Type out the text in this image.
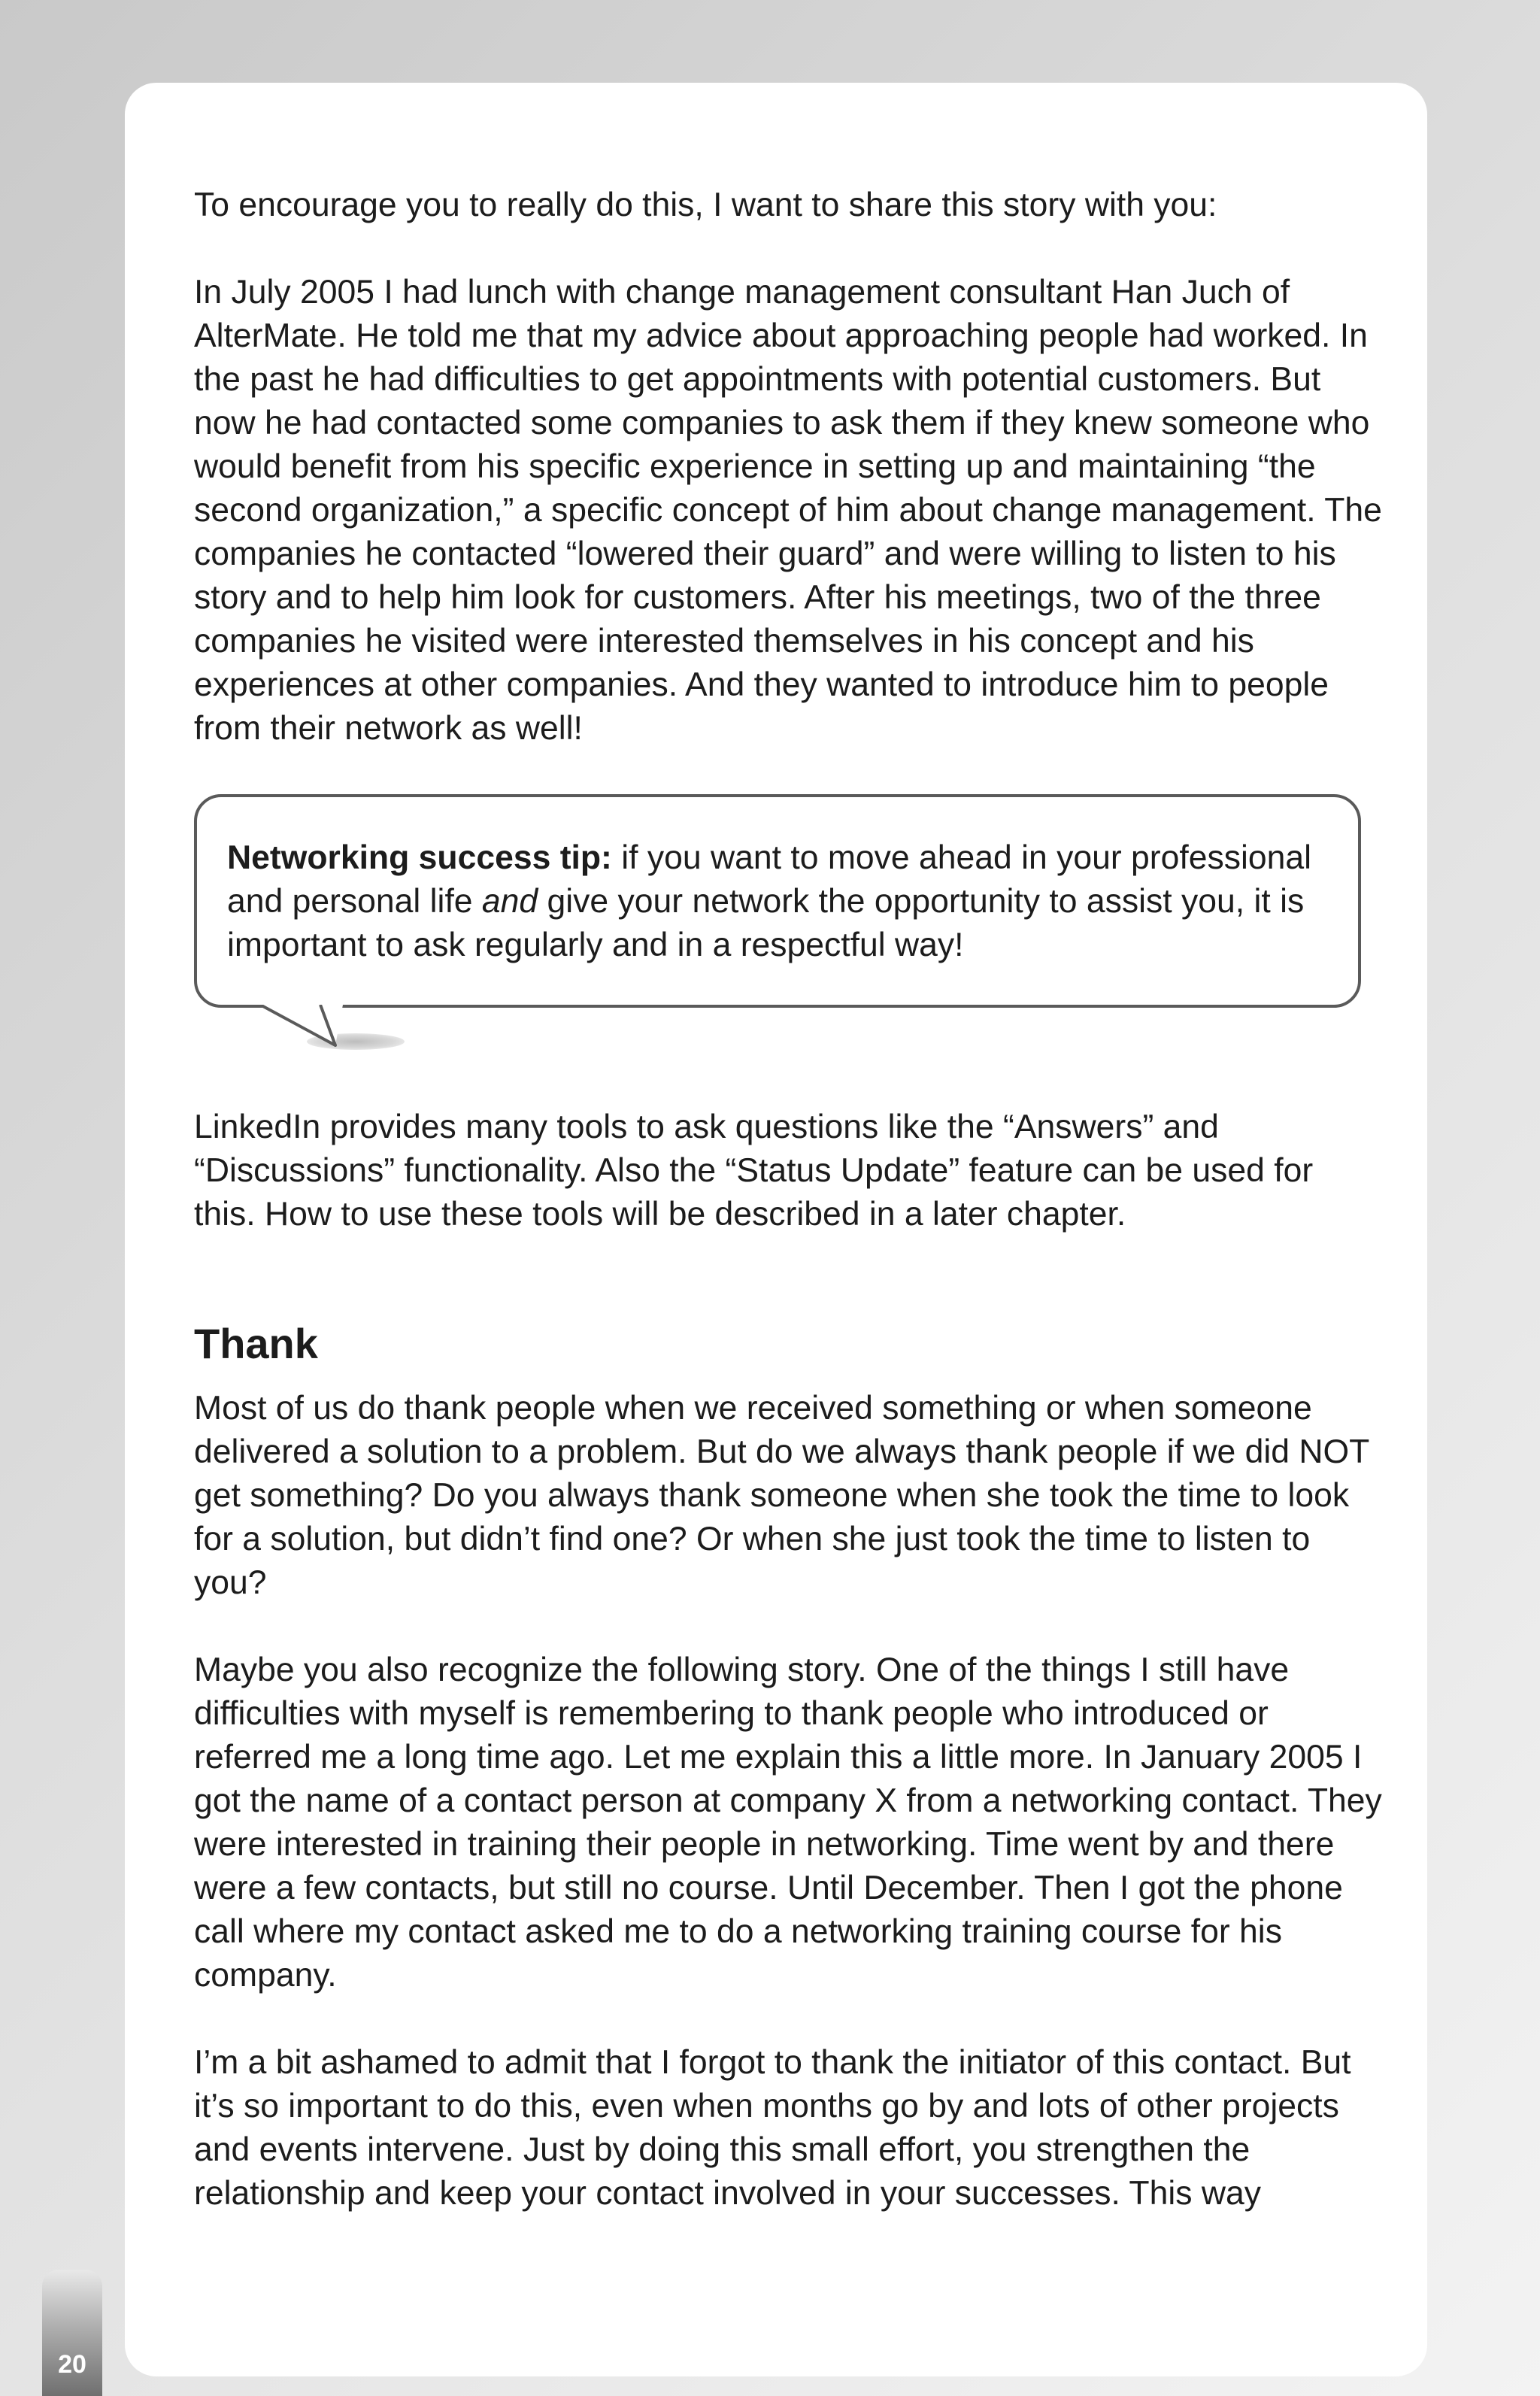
To encourage you to really do this, I want to share this story with you:

In July 2005 I had lunch with change management consultant Han Juch of AlterMate. He told me that my advice about approaching people had worked. In the past he had difficulties to get appointments with potential customers. But now he had contacted some companies to ask them if they knew someone who would benefit from his specific experience in setting up and maintaining “the second organization,” a specific concept of him about change management. The companies he contacted “lowered their guard” and were willing to listen to his story and to help him look for customers. After his meetings, two of the three companies he visited were interested themselves in his concept and his experiences at other companies. And they wanted to introduce him to people from their network as well!

Networking success tip: if you want to move ahead in your professional and personal life and give your network the opportunity to assist you, it is important to ask regularly and in a respectful way!

LinkedIn provides many tools to ask questions like the “Answers” and “Discussions” functionality. Also the “Status Update” feature can be used for this. How to use these tools will be described in a later chapter.

Thank

Most of us do thank people when we received something or when someone delivered a solution to a problem. But do we always thank people if we did NOT get something? Do you always thank someone when she took the time to look for a solution, but didn’t find one? Or when she just took the time to listen to you?

Maybe you also recognize the following story. One of the things I still have difficulties with myself is remembering to thank people who introduced or referred me a long time ago. Let me explain this a little more. In January 2005 I got the name of a contact person at company X from a networking contact. They were interested in training their people in networking. Time went by and there were a few contacts, but still no course. Until December. Then I got the phone call where my contact asked me to do a networking training course for his company.

I’m a bit ashamed to admit that I forgot to thank the initiator of this contact. But it’s so important to do this, even when months go by and lots of other projects and events intervene. Just by doing this small effort, you strengthen the relationship and keep your contact involved in your successes. This way

20
